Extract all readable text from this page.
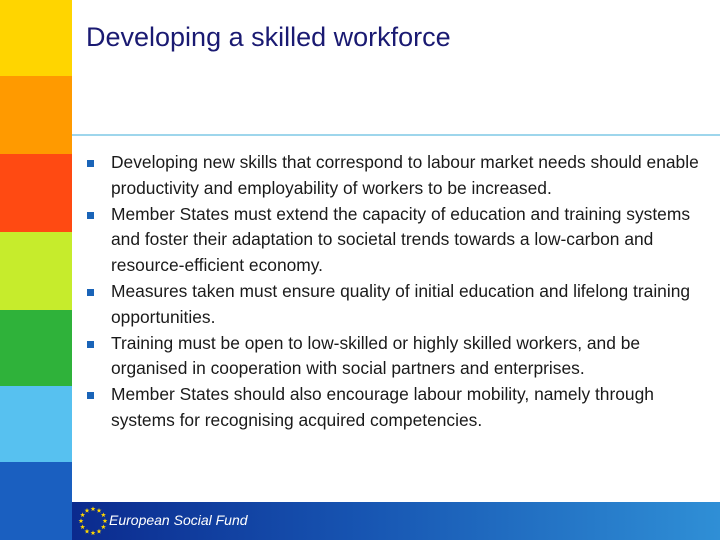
Developing a skilled workforce
Developing new skills that correspond to labour market needs should enable productivity and employability of workers to be increased.
Member States must extend the capacity of education and training systems and foster their adaptation to societal trends towards a low-carbon and resource-efficient economy.
Measures taken must ensure quality of initial education and lifelong training opportunities.
Training must be open to low-skilled or highly skilled workers, and be organised in cooperation with social partners and enterprises.
Member States should also encourage labour mobility, namely through systems for recognising acquired competencies.
European Social Fund
